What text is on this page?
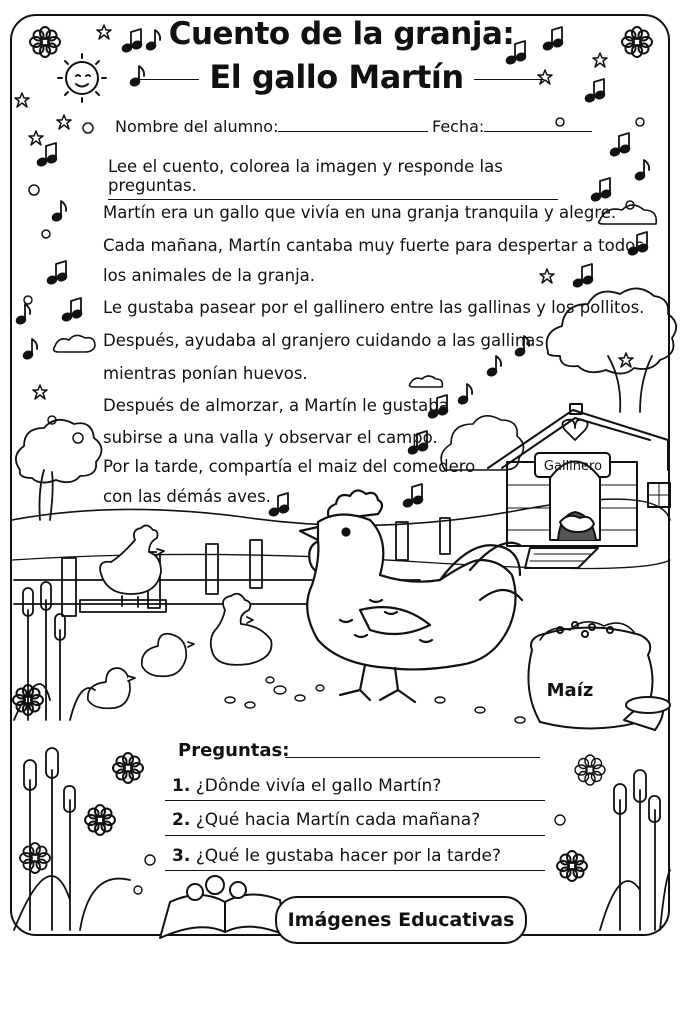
Gallinero
Maíz
Cuento de la granja:
El gallo Martín
Nombre del alumno:	Fecha:
Lee el cuento, colorea la imagen y responde las preguntas.
Martín era un gallo que vivía en una granja tranquila y alegre.
Cada mañana, Martín cantaba muy fuerte para despertar a todos
los animales de la granja.
Le gustaba pasear por el gallinero entre las gallinas y los pollitos.
Después, ayudaba al granjero cuidando a las gallinas
mientras ponían huevos.
Después de almorzar, a Martín le gustaba
subirse a una valla y observar el campo.
Por la tarde, compartía el maiz del comedero
con las démás aves.
Preguntas:
1. ¿Dônde vivía el gallo Martín?
2. ¿Qué hacia Martín cada mañana?
3. ¿Qué le gustaba hacer por la tarde?
Imágenes Educativas
